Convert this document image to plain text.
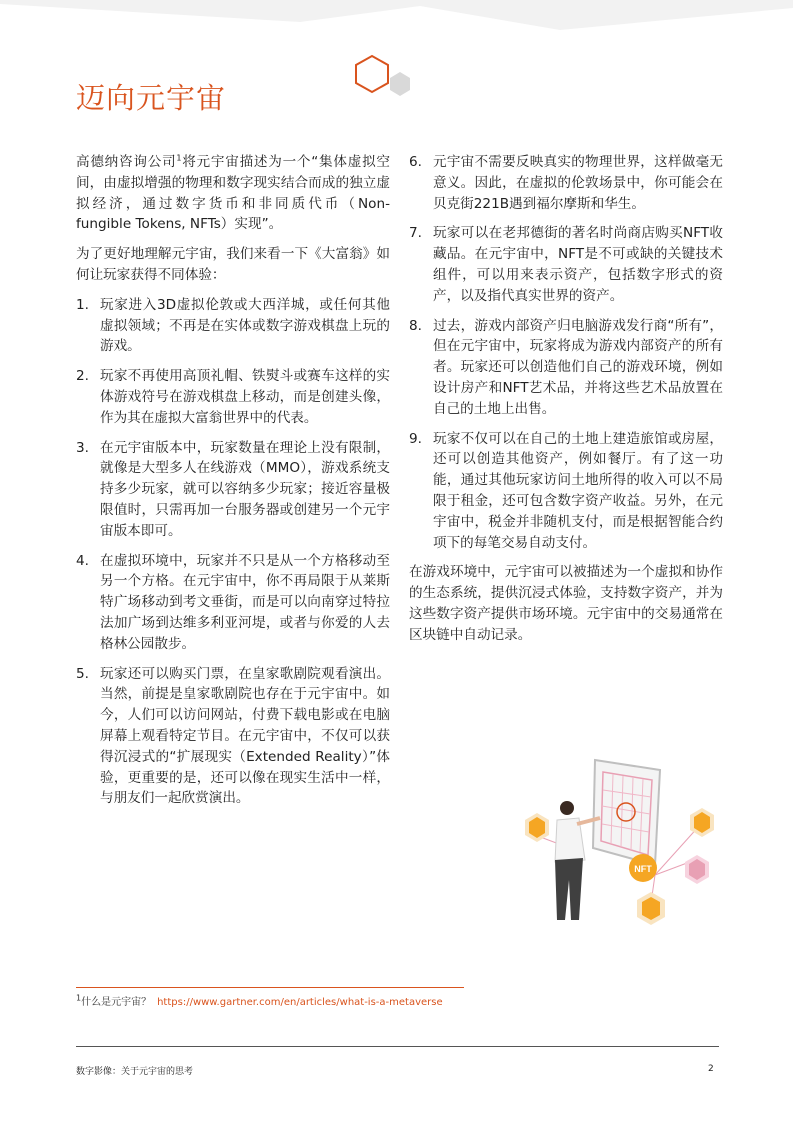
迈向元宇宙

高德纳咨询公司$^1$将元宇宙描述为一个“集体虚拟空间，由虚拟增强的物理和数字现实结合而成的独立虚拟经济，通过数字货币和非同质代币（Non-fungible Tokens, NFTs）实现”。

为了更好地理解元宇宙，我们来看一下《大富翁》如何让玩家获得不同体验：

1. 玩家进入3D虚拟伦敦或大西洋城，或任何其他虚拟领域；不再是在实体或数字游戏棋盘上玩的游戏。
2. 玩家不再使用高顶礼帽、铁熨斗或赛车这样的实体游戏符号在游戏棋盘上移动，而是创建头像，作为其在虚拟大富翁世界中的代表。
3. 在元宇宙版本中，玩家数量在理论上没有限制，就像是大型多人在线游戏（MMO），游戏系统支持多少玩家，就可以容纳多少玩家；接近容量极限值时，只需再加一台服务器或创建另一个元宇宙版本即可。
4. 在虚拟环境中，玩家并不只是从一个方格移动至另一个方格。在元宇宙中，你不再局限于从莱斯特广场移动到考文垂街，而是可以向南穿过特拉法加广场到达维多利亚河堤，或者与你爱的人去格林公园散步。
5. 玩家还可以购买门票，在皇家歌剧院观看演出。当然，前提是皇家歌剧院也存在于元宇宙中。如今，人们可以访问网站，付费下载电影或在电脑屏幕上观看特定节目。在元宇宙中，不仅可以获得沉浸式的“扩展现实（Extended Reality）”体验，更重要的是，还可以像在现实生活中一样，与朋友们一起欣赏演出。
6. 元宇宙不需要反映真实的物理世界，这样做毫无意义。因此，在虚拟的伦敦场景中，你可能会在贝克街221B遇到福尔摩斯和华生。
7. 玩家可以在老邦德街的著名时尚商店购买NFT收藏品。在元宇宙中，NFT是不可或缺的关键技术组件，可以用来表示资产，包括数字形式的资产，以及指代真实世界的资产。
8. 过去，游戏内部资产归电脑游戏发行商“所有”，但在元宇宙中，玩家将成为游戏内部资产的所有者。玩家还可以创造他们自己的游戏环境，例如设计房产和NFT艺术品，并将这些艺术品放置在自己的土地上出售。
9. 玩家不仅可以在自己的土地上建造旅馆或房屋，还可以创造其他资产，例如餐厅。有了这一功能，通过其他玩家访问土地所得的收入可以不局限于租金，还可包含数字资产收益。另外，在元宇宙中，税金并非随机支付，而是根据智能合约项下的每笔交易自动支付。

在游戏环境中，元宇宙可以被描述为一个虚拟和协作的生态系统，提供沉浸式体验，支持数字资产，并为这些数字资产提供市场环境。元宇宙中的交易通常在区块链中自动记录。

NFT
$^1$什么是元宇宙？ https://www.gartner.com/en/articles/what-is-a-metaverse
数字影像：关于元宇宙的思考	2
